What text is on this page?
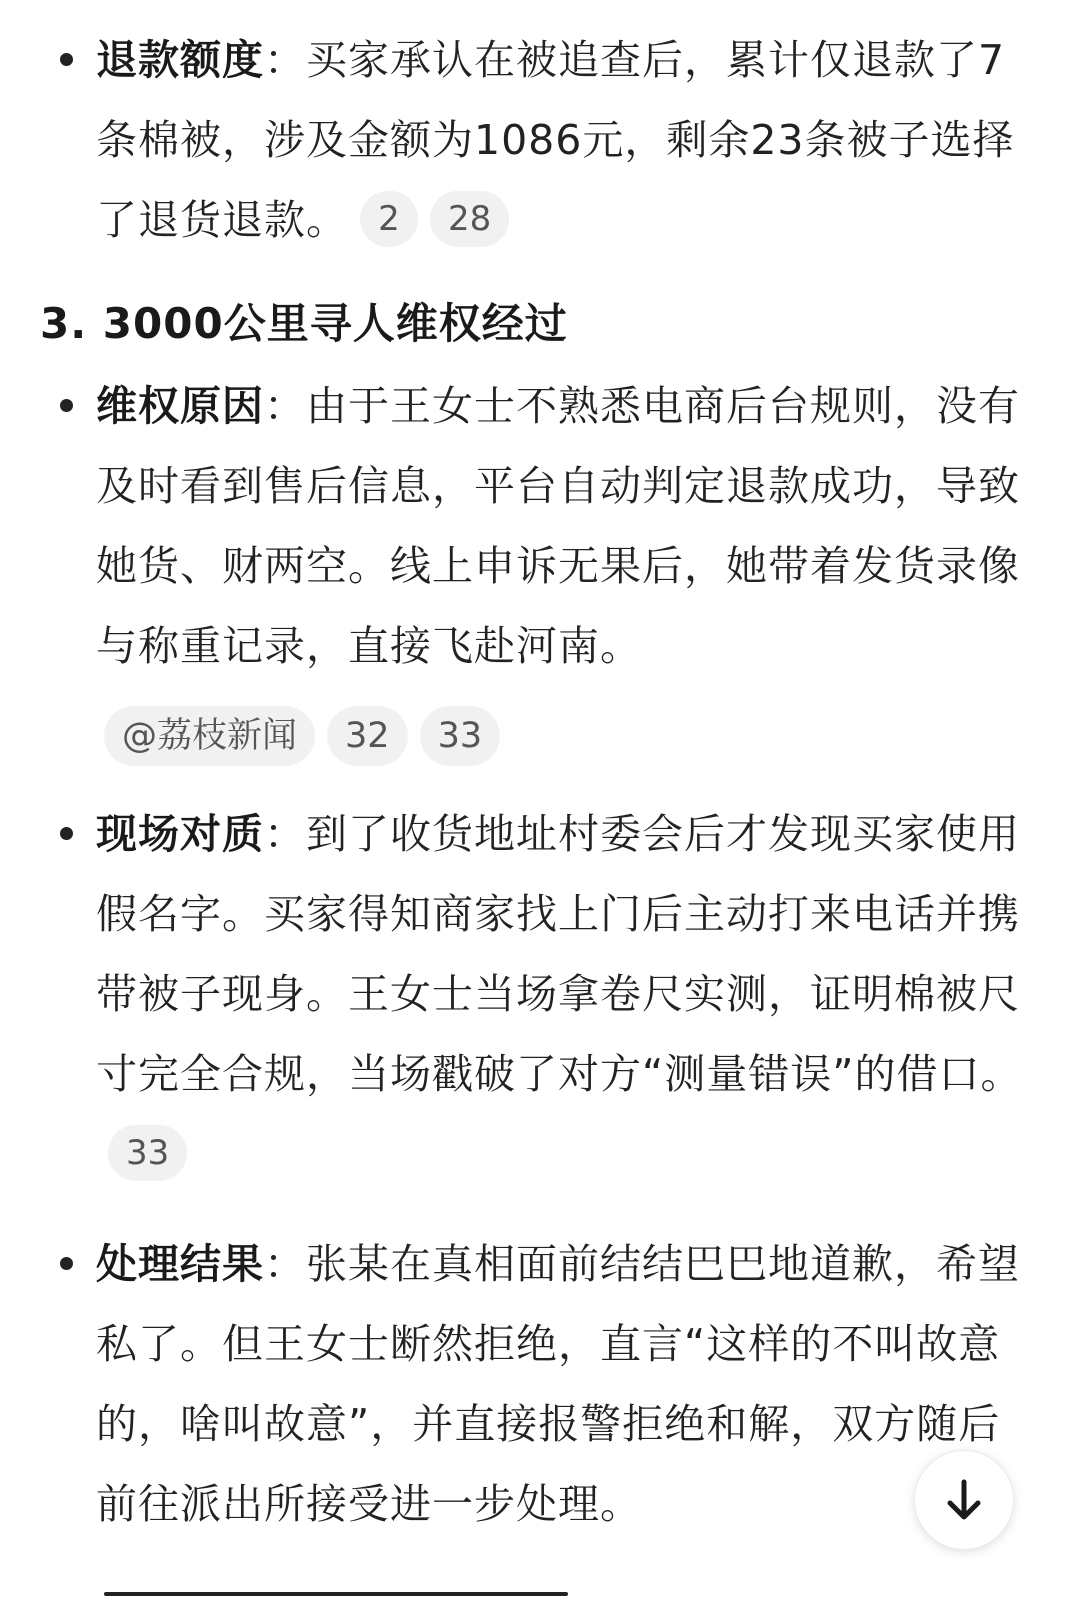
退款额度：买家承认在被追查后，累计仅退款了7条棉被，涉及金额为1086元，剩余23条被子选择了退货退款。 2 28
3. 3000公里寻人维权经过
维权原因：由于王女士不熟悉电商后台规则，没有及时看到售后信息，平台自动判定退款成功，导致她货、财两空。线上申诉无果后，她带着发货录像与称重记录，直接飞赴河南。
@荔枝新闻 32 33
现场对质：到了收货地址村委会后才发现买家使用假名字。买家得知商家找上门后主动打来电话并携带被子现身。王女士当场拿卷尺实测，证明棉被尺寸完全合规，当场戳破了对方“测量错误”的借口。33
处理结果：张某在真相面前结结巴巴地道歉，希望私了。但王女士断然拒绝，直言“这样的不叫故意的，啥叫故意”，并直接报警拒绝和解，双方随后前往派出所接受进一步处理。
